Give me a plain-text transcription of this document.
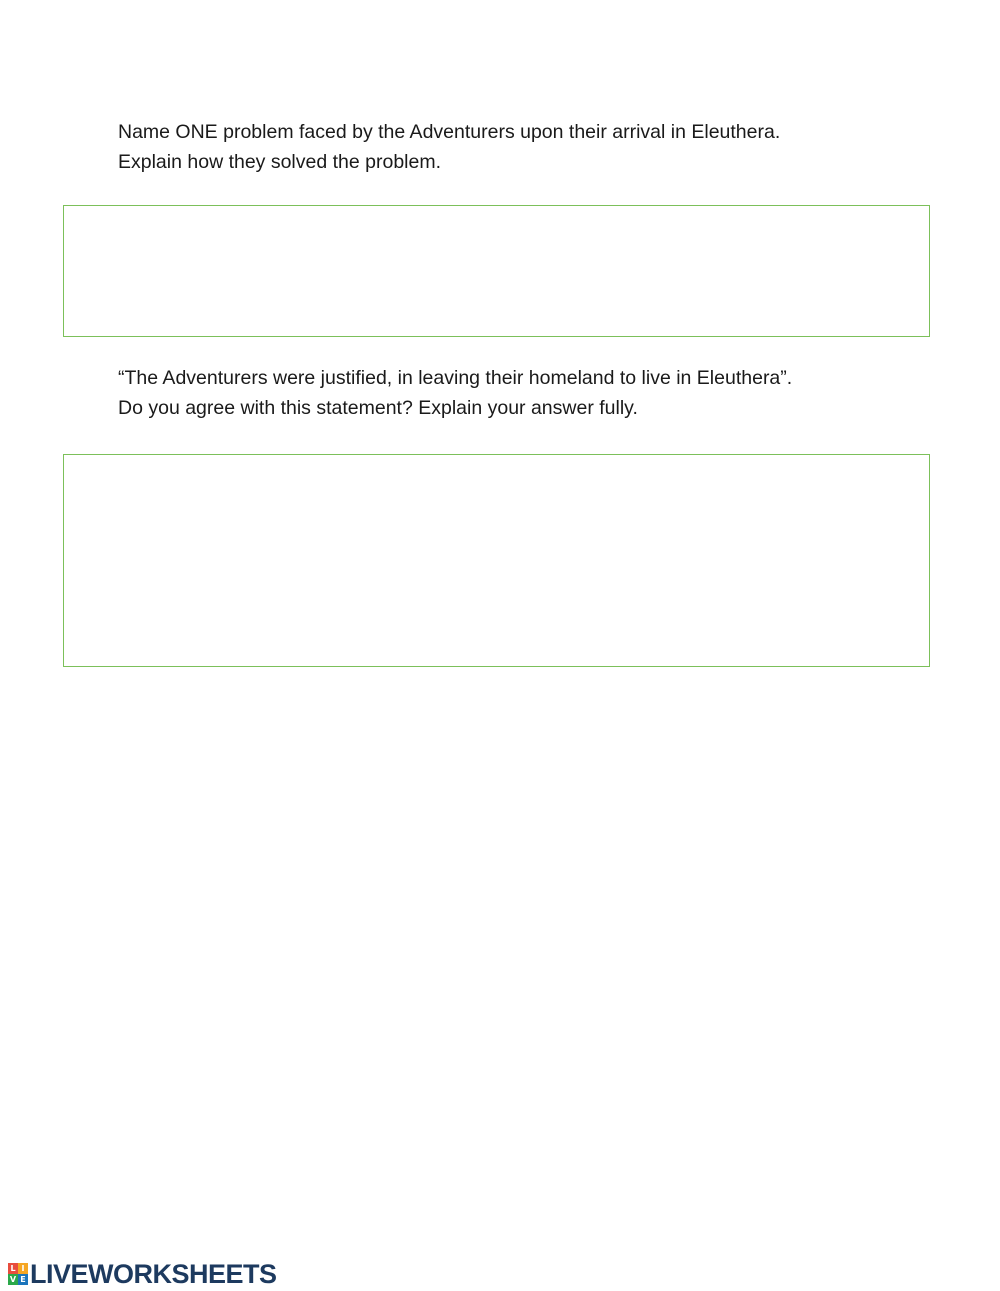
Name ONE problem faced by the Adventurers upon their arrival in Eleuthera.
Explain how they solved the problem.

“The Adventurers were justified, in leaving their homeland to live in Eleuthera”.
Do you agree with this statement? Explain your answer fully.

L I
V E LIVEWORKSHEETS
